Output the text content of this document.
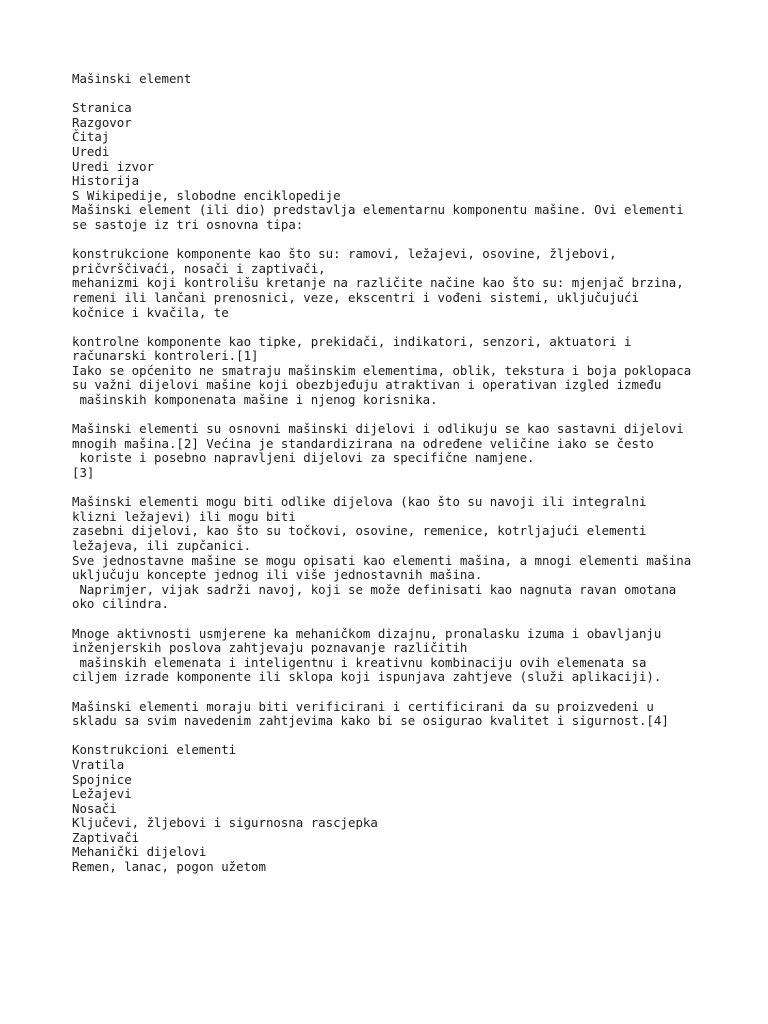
Mašinski element
Stranica
Razgovor
Čitaj
Uredi
Uredi izvor
Historija
S Wikipedije, slobodne enciklopedije
Mašinski element (ili dio) predstavlja elementarnu komponentu mašine. Ovi elementi
se sastoje iz tri osnovna tipa:
konstrukcione komponente kao što su: ramovi, ležajevi, osovine, žljebovi,
pričvrščivaći, nosači i zaptivači,
mehanizmi koji kontrolišu kretanje na različite načine kao što su: mjenjač brzina,
remeni ili lančani prenosnici, veze, ekscentri i vođeni sistemi, uključujući
kočnice i kvačila, te
kontrolne komponente kao tipke, prekidači, indikatori, senzori, aktuatori i
računarski kontroleri.[1]
Iako se općenito ne smatraju mašinskim elementima, oblik, tekstura i boja poklopaca
su važni dijelovi mašine koji obezbjeđuju atraktivan i operativan izgled između
mašinskih komponenata mašine i njenog korisnika.
Mašinski elementi su osnovni mašinski dijelovi i odlikuju se kao sastavni dijelovi
mnogih mašina.[2] Većina je standardizirana na određene veličine iako se često
koriste i posebno napravljeni dijelovi za specifične namjene.
[3]
Mašinski elementi mogu biti odlike dijelova (kao što su navoji ili integralni
klizni ležajevi) ili mogu biti
zasebni dijelovi, kao što su točkovi, osovine, remenice, kotrljajući elementi
ležajeva, ili zupčanici.
Sve jednostavne mašine se mogu opisati kao elementi mašina, a mnogi elementi mašina
uključuju koncepte jednog ili više jednostavnih mašina.
Naprimjer, vijak sadrži navoj, koji se može definisati kao nagnuta ravan omotana
oko cilindra.
Mnoge aktivnosti usmjerene ka mehaničkom dizajnu, pronalasku izuma i obavljanju
inženjerskih poslova zahtjevaju poznavanje različitih
mašinskih elemenata i inteligentnu i kreativnu kombinaciju ovih elemenata sa
ciljem izrade komponente ili sklopa koji ispunjava zahtjeve (služi aplikaciji).
Mašinski elementi moraju biti verificirani i certificirani da su proizvedeni u
skladu sa svim navedenim zahtjevima kako bi se osigurao kvalitet i sigurnost.[4]
Konstrukcioni elementi
Vratila
Spojnice
Ležajevi
Nosači
Ključevi, žljebovi i sigurnosna rascjepka
Zaptivači
Mehanički dijelovi
Remen, lanac, pogon užetom
